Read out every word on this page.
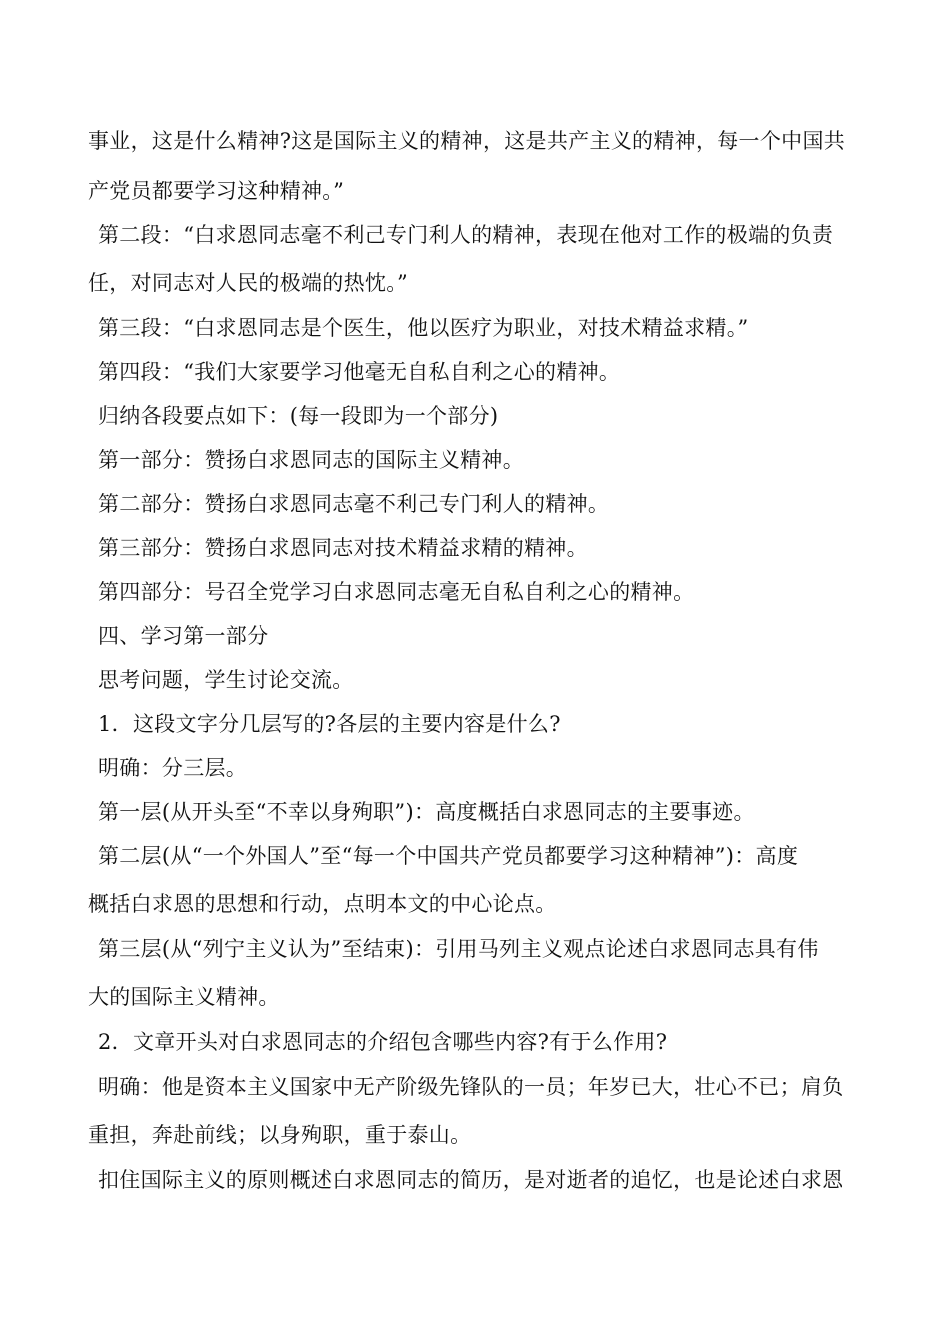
事业，这是什么精神?这是国际主义的精神，这是共产主义的精神，每一个中国共
产党员都要学习这种精神。”
第二段：“白求恩同志毫不利己专门利人的精神，表现在他对工作的极端的负责
任，对同志对人民的极端的热忱。”
第三段：“白求恩同志是个医生，他以医疗为职业，对技术精益求精。”
第四段：“我们大家要学习他毫无自私自利之心的精神。
归纳各段要点如下：(每一段即为一个部分)
第一部分：赞扬白求恩同志的国际主义精神。
第二部分：赞扬白求恩同志毫不利己专门利人的精神。
第三部分：赞扬白求恩同志对技术精益求精的精神。
第四部分：号召全党学习白求恩同志毫无自私自利之心的精神。
四、学习第一部分
思考问题，学生讨论交流。
1．这段文字分几层写的?各层的主要内容是什么?
明确：分三层。
第一层(从开头至“不幸以身殉职”)：高度概括白求恩同志的主要事迹。
第二层(从“一个外国人”至“每一个中国共产党员都要学习这种精神”)：高度
概括白求恩的思想和行动，点明本文的中心论点。
第三层(从“列宁主义认为”至结束)：引用马列主义观点论述白求恩同志具有伟
大的国际主义精神。
2．文章开头对白求恩同志的介绍包含哪些内容?有于么作用?
明确：他是资本主义国家中无产阶级先锋队的一员；年岁已大，壮心不已；肩负
重担，奔赴前线；以身殉职，重于泰山。
扣住国际主义的原则概述白求恩同志的简历，是对逝者的追忆，也是论述白求恩
